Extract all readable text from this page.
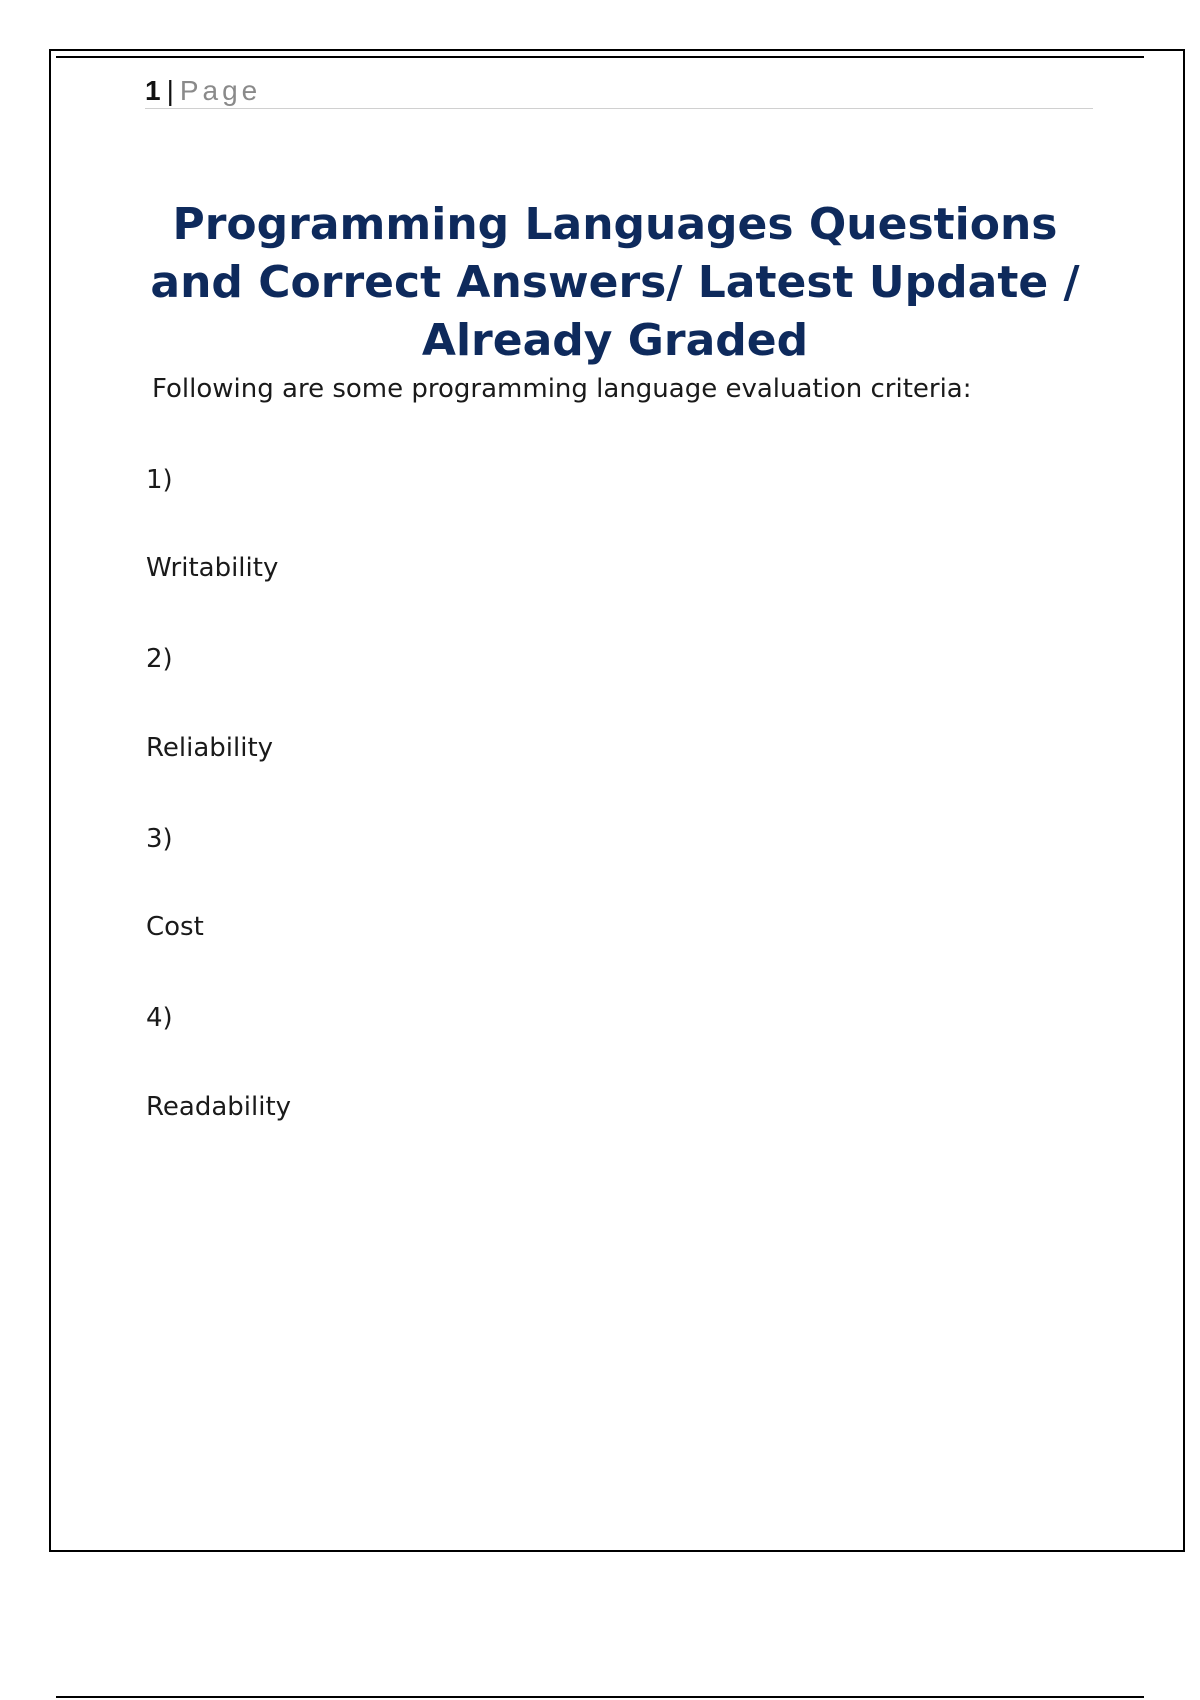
1 | Page
Programming Languages Questions and Correct Answers/ Latest Update / Already Graded
Following are some programming language evaluation criteria:
1)
Writability
2)
Reliability
3)
Cost
4)
Readability
